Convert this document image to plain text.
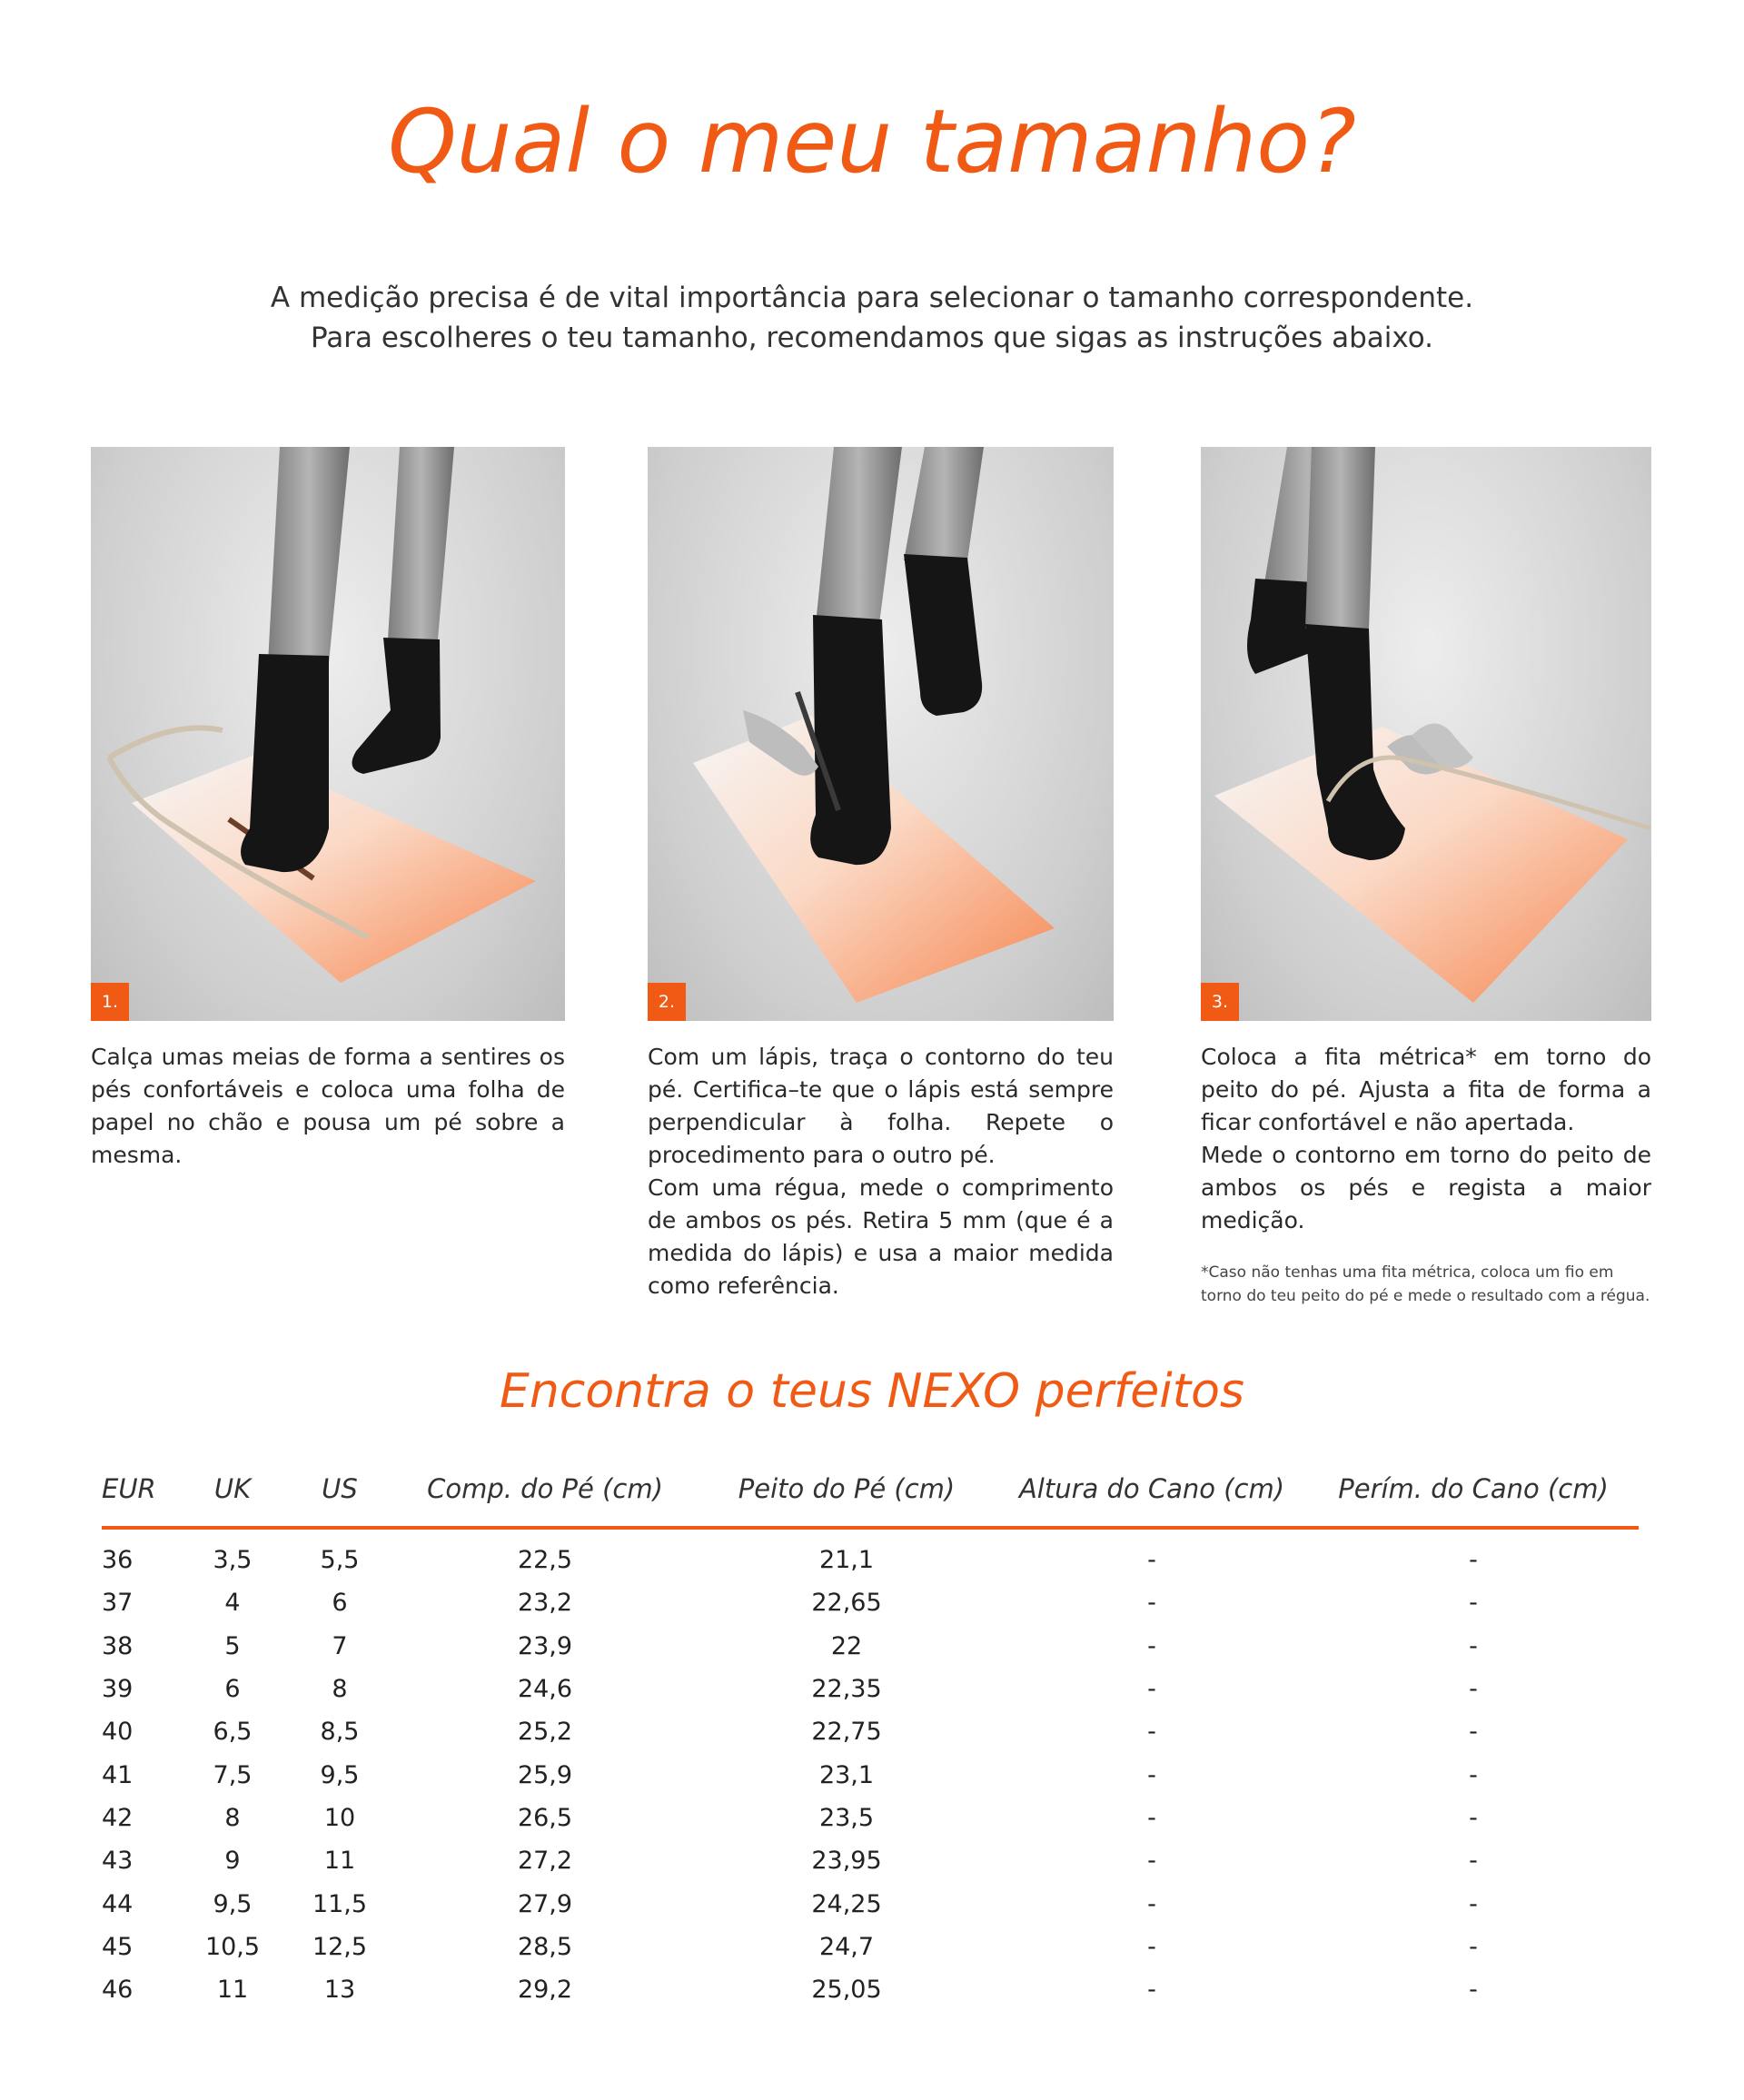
Qual o meu tamanho?

A medição precisa é de vital importância para selecionar o tamanho correspondente.

Para escolheres o teu tamanho, recomendamos que sigas as instruções abaixo.

1.

Calça umas meias de forma a sentires os pés confortáveis e coloca uma folha de papel no chão e pousa um pé sobre a mesma.

2.

Com um lápis, traça o contorno do teu pé. Certifica–te que o lápis está sempre perpendicular à folha. Repete o procedimento para o outro pé.

Com uma régua, mede o comprimento de ambos os pés. Retira 5 mm (que é a medida do lápis) e usa a maior medida como referência.

3.

Coloca a fita métrica* em torno do peito do pé. Ajusta a fita de forma a ficar confortável e não apertada.

Mede o contorno em torno do peito de ambos os pés e regista a maior medição.

*Caso não tenhas uma fita métrica, coloca um fio em torno do teu peito do pé e mede o resultado com a régua.
Encontra o teus NEXO perfeitos
EUR	UK	US	Comp. do Pé (cm)	Peito do Pé (cm)	Altura do Cano (cm)	Perím. do Cano (cm)
36	3,5	5,5	22,5	21,1	-	-
37	4	6	23,2	22,65	-	-
38	5	7	23,9	22	-	-
39	6	8	24,6	22,35	-	-
40	6,5	8,5	25,2	22,75	-	-
41	7,5	9,5	25,9	23,1	-	-
42	8	10	26,5	23,5	-	-
43	9	11	27,2	23,95	-	-
44	9,5	11,5	27,9	24,25	-	-
45	10,5	12,5	28,5	24,7	-	-
46	11	13	29,2	25,05	-	-
